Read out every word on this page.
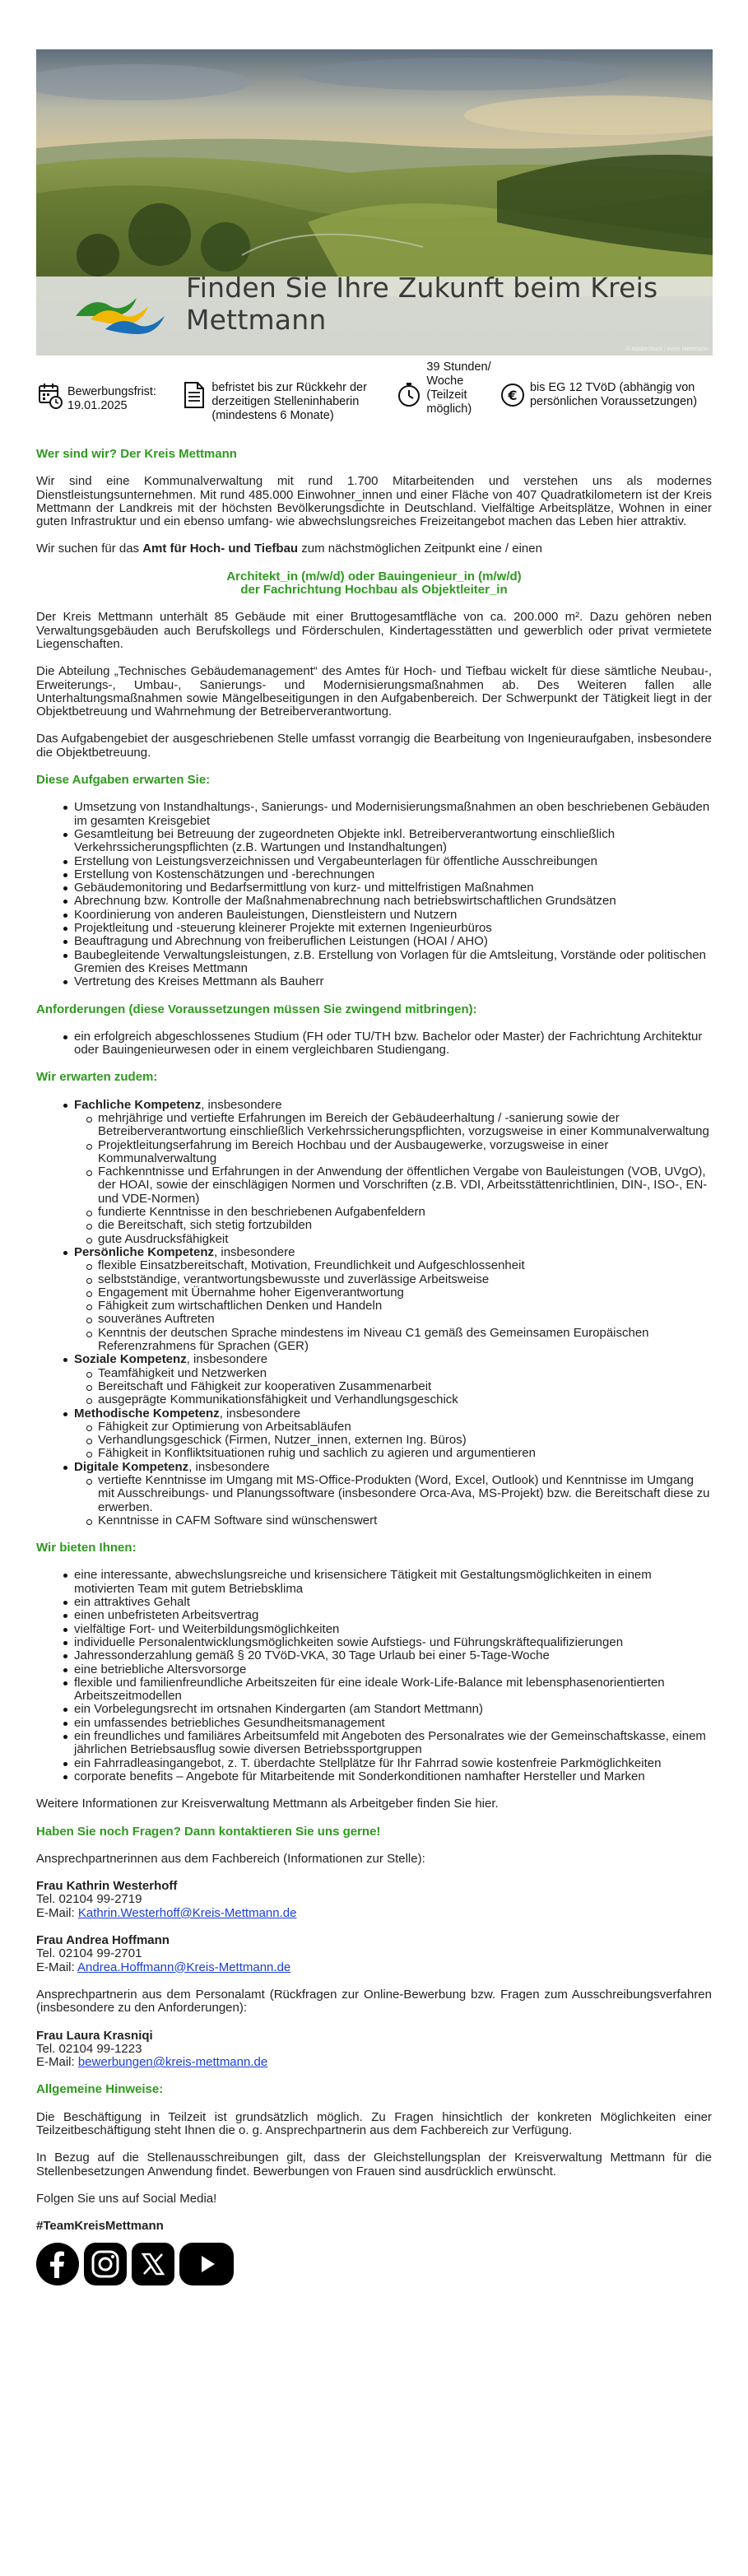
Finden Sie Ihre Zukunft beim Kreis Mettmann
© AdobeStock / Kreis Mettmann
Bewerbungsfrist: 19.01.2025
befristet bis zur Rückkehr der derzeitigen Stelleninhaberin (mindestens 6 Monate)
39 Stunden/ Woche (Teilzeit möglich)
€ bis EG 12 TVöD (abhängig von persönlichen Voraussetzungen)
Wer sind wir? Der Kreis Mettmann

Wir sind eine Kommunalverwaltung mit rund 1.700 Mitarbeitenden und verstehen uns als modernes Dienstleistungsunternehmen. Mit rund 485.000 Einwohner_innen und einer Fläche von 407 Quadratkilometern ist der Kreis Mettmann der Landkreis mit der höchsten Bevölkerungsdichte in Deutschland. Vielfältige Arbeitsplätze, Wohnen in einer guten Infrastruktur und ein ebenso umfang- wie abwechslungsreiches Freizeitangebot machen das Leben hier attraktiv.

Wir suchen für das Amt für Hoch- und Tiefbau zum nächstmöglichen Zeitpunkt eine / einen

Architekt_in (m/w/d) oder Bauingenieur_in (m/w/d)
der Fachrichtung Hochbau als Objektleiter_in

Der Kreis Mettmann unterhält 85 Gebäude mit einer Bruttogesamtfläche von ca. 200.000 m². Dazu gehören neben Verwaltungsgebäuden auch Berufskollegs und Förderschulen, Kindertagesstätten und gewerblich oder privat vermietete Liegenschaften.

Die Abteilung „Technisches Gebäudemanagement“ des Amtes für Hoch- und Tiefbau wickelt für diese sämtliche Neubau-, Erweiterungs-, Umbau-, Sanierungs- und Modernisierungsmaßnahmen ab. Des Weiteren fallen alle Unterhaltungsmaßnahmen sowie Mängelbeseitigungen in den Aufgabenbereich. Der Schwerpunkt der Tätigkeit liegt in der Objektbetreuung und Wahrnehmung der Betreiberverantwortung.

Das Aufgabengebiet der ausgeschriebenen Stelle umfasst vorrangig die Bearbeitung von Ingenieuraufgaben, insbesondere die Objektbetreuung.

Diese Aufgaben erwarten Sie:
Umsetzung von Instandhaltungs-, Sanierungs- und Modernisierungsmaßnahmen an oben beschriebenen Gebäuden im gesamten Kreisgebiet
Gesamtleitung bei Betreuung der zugeordneten Objekte inkl. Betreiberverantwortung einschließlich Verkehrssicherungspflichten (z.B. Wartungen und Instandhaltungen)
Erstellung von Leistungsverzeichnissen und Vergabeunterlagen für öffentliche Ausschreibungen
Erstellung von Kostenschätzungen und -berechnungen
Gebäudemonitoring und Bedarfsermittlung von kurz- und mittelfristigen Maßnahmen
Abrechnung bzw. Kontrolle der Maßnahmenabrechnung nach betriebswirtschaftlichen Grundsätzen
Koordinierung von anderen Bauleistungen, Dienstleistern und Nutzern
Projektleitung und -steuerung kleinerer Projekte mit externen Ingenieurbüros
Beauftragung und Abrechnung von freiberuflichen Leistungen (HOAI / AHO)
Baubegleitende Verwaltungsleistungen, z.B. Erstellung von Vorlagen für die Amtsleitung, Vorstände oder politischen Gremien des Kreises Mettmann
Vertretung des Kreises Mettmann als Bauherr
Anforderungen (diese Voraussetzungen müssen Sie zwingend mitbringen):
ein erfolgreich abgeschlossenes Studium (FH oder TU/TH bzw. Bachelor oder Master) der Fachrichtung Architektur oder Bauingenieurwesen oder in einem vergleichbaren Studiengang.
Wir erwarten zudem:
Fachliche Kompetenz, insbesondere
mehrjährige und vertiefte Erfahrungen im Bereich der Gebäudeerhaltung / -sanierung sowie der Betreiberverantwortung einschließlich Verkehrssicherungspflichten, vorzugsweise in einer Kommunalverwaltung
Projektleitungserfahrung im Bereich Hochbau und der Ausbaugewerke, vorzugsweise in einer Kommunalverwaltung
Fachkenntnisse und Erfahrungen in der Anwendung der öffentlichen Vergabe von Bauleistungen (VOB, UVgO), der HOAI, sowie der einschlägigen Normen und Vorschriften (z.B. VDI, Arbeitsstättenrichtlinien, DIN-, ISO-, EN- und VDE-Normen)
fundierte Kenntnisse in den beschriebenen Aufgabenfeldern
die Bereitschaft, sich stetig fortzubilden
gute Ausdrucksfähigkeit
Persönliche Kompetenz, insbesondere
flexible Einsatzbereitschaft, Motivation, Freundlichkeit und Aufgeschlossenheit
selbstständige, verantwortungsbewusste und zuverlässige Arbeitsweise
Engagement mit Übernahme hoher Eigenverantwortung
Fähigkeit zum wirtschaftlichen Denken und Handeln
souveränes Auftreten
Kenntnis der deutschen Sprache mindestens im Niveau C1 gemäß des Gemeinsamen Europäischen Referenzrahmens für Sprachen (GER)
Soziale Kompetenz, insbesondere
Teamfähigkeit und Netzwerken
Bereitschaft und Fähigkeit zur kooperativen Zusammenarbeit
ausgeprägte Kommunikationsfähigkeit und Verhandlungsgeschick
Methodische Kompetenz, insbesondere
Fähigkeit zur Optimierung von Arbeitsabläufen
Verhandlungsgeschick (Firmen, Nutzer_innen, externen Ing. Büros)
Fähigkeit in Konfliktsituationen ruhig und sachlich zu agieren und argumentieren
Digitale Kompetenz, insbesondere
vertiefte Kenntnisse im Umgang mit MS-Office-Produkten (Word, Excel, Outlook) und Kenntnisse im Umgang mit Ausschreibungs- und Planungssoftware (insbesondere Orca-Ava, MS-Projekt) bzw. die Bereitschaft diese zu erwerben.
Kenntnisse in CAFM Software sind wünschenswert
Wir bieten Ihnen:
eine interessante, abwechslungsreiche und krisensichere Tätigkeit mit Gestaltungsmöglichkeiten in einem motivierten Team mit gutem Betriebsklima
ein attraktives Gehalt
einen unbefristeten Arbeitsvertrag
vielfältige Fort- und Weiterbildungsmöglichkeiten
individuelle Personalentwicklungsmöglichkeiten sowie Aufstiegs- und Führungskräftequalifizierungen
Jahressonderzahlung gemäß § 20 TVöD-VKA, 30 Tage Urlaub bei einer 5-Tage-Woche
eine betriebliche Altersvorsorge
flexible und familienfreundliche Arbeitszeiten für eine ideale Work-Life-Balance mit lebensphasenorientierten Arbeitszeitmodellen
ein Vorbelegungsrecht im ortsnahen Kindergarten (am Standort Mettmann)
ein umfassendes betriebliches Gesundheitsmanagement
ein freundliches und familiäres Arbeitsumfeld mit Angeboten des Personalrates wie der Gemeinschaftskasse, einem jährlichen Betriebsausflug sowie diversen Betriebssportgruppen
ein Fahrradleasingangebot, z. T. überdachte Stellplätze für Ihr Fahrrad sowie kostenfreie Parkmöglichkeiten
corporate benefits – Angebote für Mitarbeitende mit Sonderkonditionen namhafter Hersteller und Marken

Weitere Informationen zur Kreisverwaltung Mettmann als Arbeitgeber finden Sie hier.

Haben Sie noch Fragen? Dann kontaktieren Sie uns gerne!

Ansprechpartnerinnen aus dem Fachbereich (Informationen zur Stelle):

Frau Kathrin Westerhoff
Tel. 02104 99-2719
E-Mail: Kathrin.Westerhoff@Kreis-Mettmann.de
Frau Andrea Hoffmann
Tel. 02104 99-2701
E-Mail: Andrea.Hoffmann@Kreis-Mettmann.de

Ansprechpartnerin aus dem Personalamt (Rückfragen zur Online-Bewerbung bzw. Fragen zum Ausschreibungsverfahren (insbesondere zu den Anforderungen):

Frau Laura Krasniqi
Tel. 02104 99-1223
E-Mail: bewerbungen@kreis-mettmann.de
Allgemeine Hinweise:

Die Beschäftigung in Teilzeit ist grundsätzlich möglich. Zu Fragen hinsichtlich der konkreten Möglichkeiten einer Teilzeitbeschäftigung steht Ihnen die o. g. Ansprechpartnerin aus dem Fachbereich zur Verfügung.

In Bezug auf die Stellenausschreibungen gilt, dass der Gleichstellungsplan der Kreisverwaltung Mettmann für die Stellenbesetzungen Anwendung findet. Bewerbungen von Frauen sind ausdrücklich erwünscht.

Folgen Sie uns auf Social Media!

#TeamKreisMettmann
